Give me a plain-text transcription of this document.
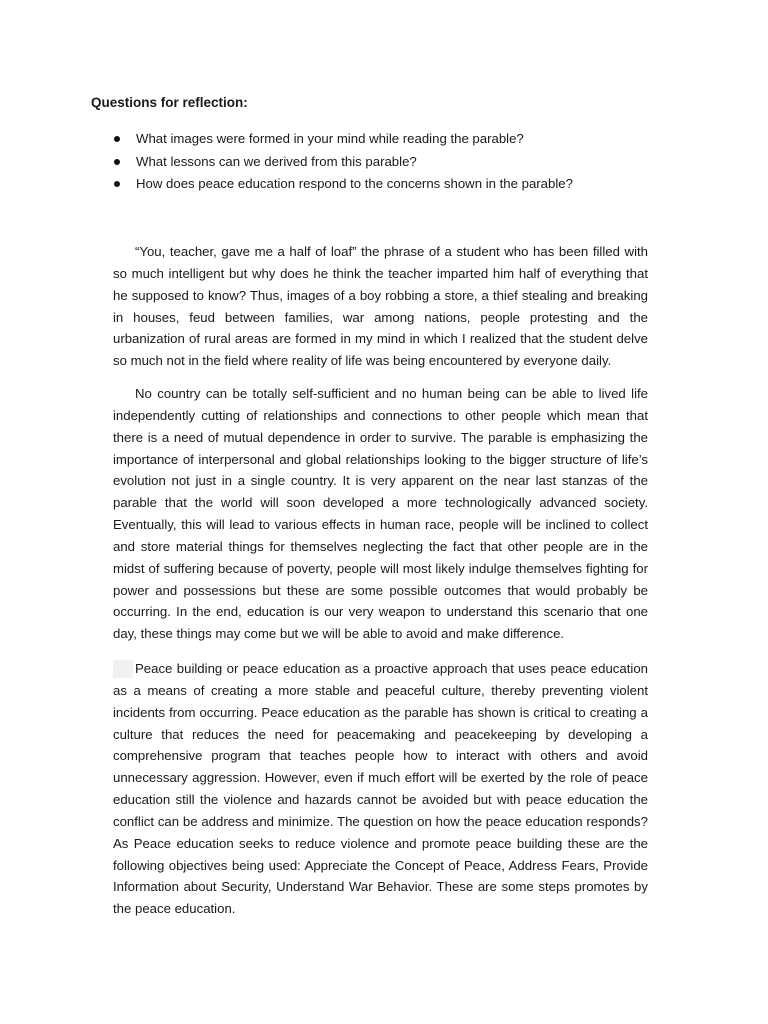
Questions for reflection:

What images were formed in your mind while reading the parable?
What lessons can we derived from this parable?
How does peace education respond to the concerns shown in the parable?

“You, teacher, gave me a half of loaf” the phrase of a student who has been filled with so much intelligent but why does he think the teacher imparted him half of everything that he supposed to know? Thus, images of a boy robbing a store, a thief stealing and breaking in houses, feud between families, war among nations, people protesting and the urbanization of rural areas are formed in my mind in which I realized that the student delve so much not in the field where reality of life was being encountered by everyone daily.

No country can be totally self-sufficient and no human being can be able to lived life independently cutting of relationships and connections to other people which mean that there is a need of mutual dependence in order to survive. The parable is emphasizing the importance of interpersonal and global relationships looking to the bigger structure of life’s evolution not just in a single country. It is very apparent on the near last stanzas of the parable that the world will soon developed a more technologically advanced society. Eventually, this will lead to various effects in human race, people will be inclined to collect and store material things for themselves neglecting the fact that other people are in the midst of suffering because of poverty, people will most likely indulge themselves fighting for power and possessions but these are some possible outcomes that would probably be occurring. In the end, education is our very weapon to understand this scenario that one day, these things may come but we will be able to avoid and make difference.

Peace building or peace education as a proactive approach that uses peace education as a means of creating a more stable and peaceful culture, thereby preventing violent incidents from occurring. Peace education as the parable has shown is critical to creating a culture that reduces the need for peacemaking and peacekeeping by developing a comprehensive program that teaches people how to interact with others and avoid unnecessary aggression. However, even if much effort will be exerted by the role of peace education still the violence and hazards cannot be avoided but with peace education the conflict can be address and minimize. The question on how the peace education responds? As Peace education seeks to reduce violence and promote peace building these are the following objectives being used: Appreciate the Concept of Peace, Address Fears, Provide Information about Security, Understand War Behavior. These are some steps promotes by the peace education.
